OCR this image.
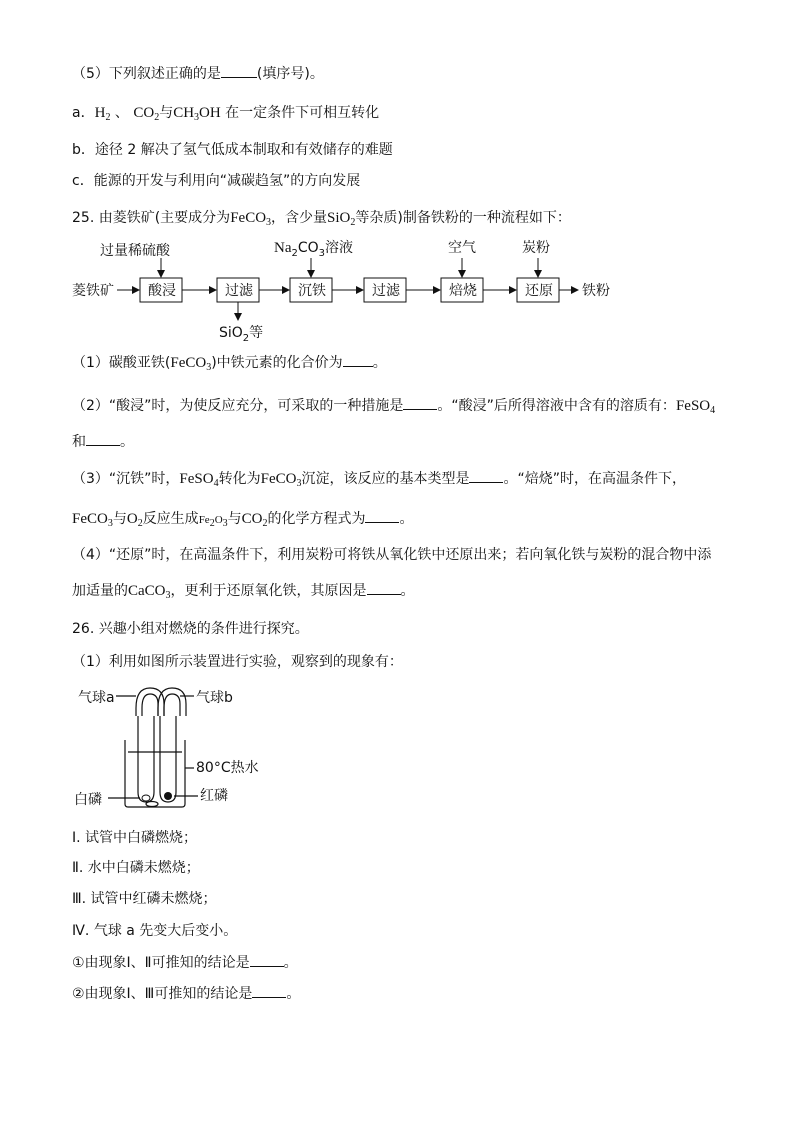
（5）下列叙述正确的是	(填序号)。
a．$H_2$ 、 $CO_2$与$CH_3OH$ 在一定条件下可相互转化
b．途径 2 解决了氢气低成本制取和有效储存的难题
c．能源的开发与利用向“减碳趋氢”的方向发展
25. 由菱铁矿(主要成分为FeCO$_3$，含少量SiO$_2$等杂质)制备铁粉的一种流程如下：
菱铁矿 酸浸	过滤	沉铁	过滤	焙烧	还原 铁粉
过量稀硫酸	$Na_2CO_3$溶液	空气	炭粉
SiO$_2$等
（1）碳酸亚铁(FeCO$_3$)中铁元素的化合价为 。
（2）“酸浸”时，为使反应充分，可采取的一种措施是 。“酸浸”后所得溶液中含有的溶质有：FeSO$_4$
和 。
（3）“沉铁”时，FeSO$_4$转化为FeCO$_3$沉淀，该反应的基本类型是 。“焙烧”时，在高温条件下，
FeCO$_3$与$O_2$反应生成$Fe_2O_3$与$CO_2$的化学方程式为 。
（4）“还原”时，在高温条件下，利用炭粉可将铁从氧化铁中还原出来；若向氧化铁与炭粉的混合物中添
加适量的CaCO$_3$，更利于还原氧化铁，其原因是 。
26. 兴趣小组对燃烧的条件进行探究。
（1）利用如图所示装置进行实验，观察到的现象有：
气球a	气球b
80°C热水
白磷	红磷
Ⅰ. 试管中白磷燃烧；
Ⅱ. 水中白磷未燃烧；
Ⅲ. 试管中红磷未燃烧；
Ⅳ. 气球 a 先变大后变小。
①由现象Ⅰ、Ⅱ可推知的结论是 。
②由现象Ⅰ、Ⅲ可推知的结论是 。
